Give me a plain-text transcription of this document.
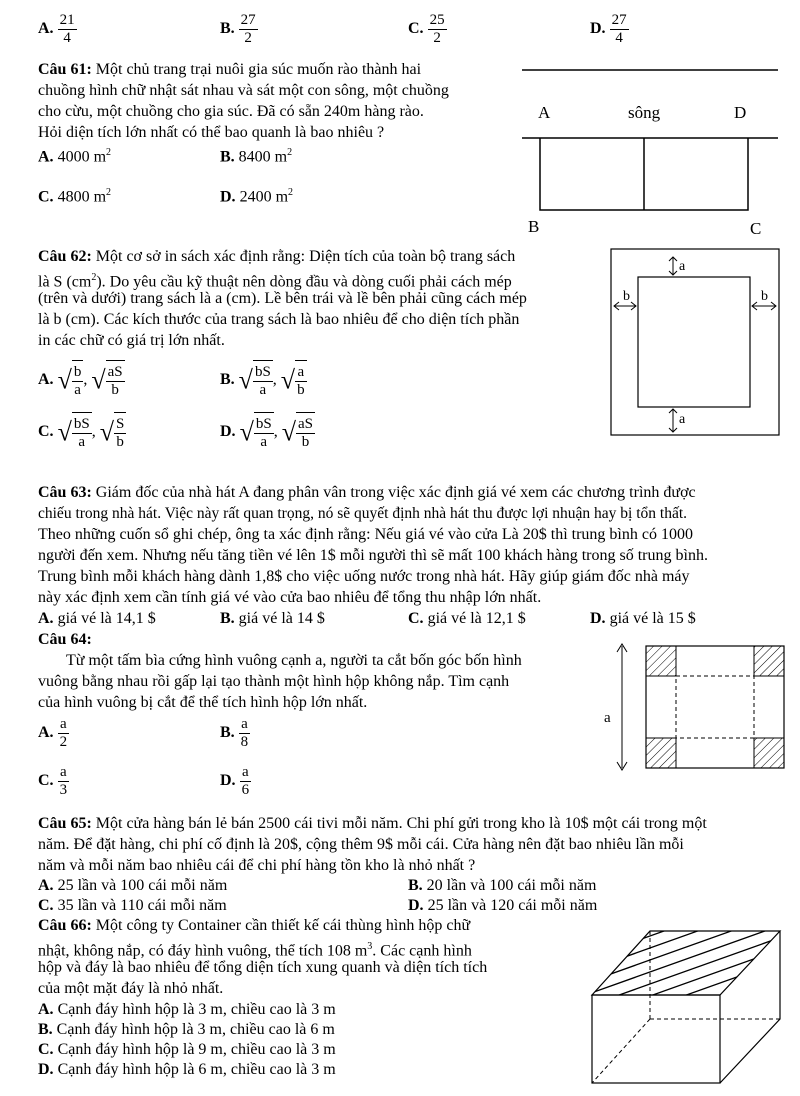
A. $\frac{21}{4}$	B. $\frac{27}{2}$	C. $\frac{25}{2}$	D. $\frac{27}{4}$
Câu 61: Một chủ trang trại nuôi gia súc muốn rào thành hai
chuồng hình chữ nhật sát nhau và sát một con sông, một chuồng
cho cừu, một chuồng cho gia súc. Đã có sẵn 240m hàng rào.
Hỏi diện tích lớn nhất có thể bao quanh là bao nhiêu ?
A. 4000 $m^2$	B. 8400 $m^2$
C. 4800 $m^2$	D. 2400 $m^2$
A	sông	D
B	C
Câu 62: Một cơ sở in sách xác định rằng: Diện tích của toàn bộ trang sách
là S $(cm^2)$. Do yêu cầu kỹ thuật nên dòng đầu và dòng cuối phải cách mép
(trên và dưới) trang sách là a (cm). Lề bên trái và lề bên phải cũng cách mép
là b (cm). Các kích thước của trang sách là bao nhiêu để cho diện tích phần
in các chữ có giá trị lớn nhất.
A. √ $\frac{b}{a}$ , √ $\frac{aS}{b}$	B. √ $\frac{bS}{a}$ , √ $\frac{a}{b}$
C. √ $\frac{bS}{a}$ , √ $\frac{S}{b}$	D. √ $\frac{bS}{a}$ , √ $\frac{aS}{b}$
a
a
b	b
Câu 63: Giám đốc của nhà hát A đang phân vân trong việc xác định giá vé xem các chương trình được
chiếu trong nhà hát. Việc này rất quan trọng, nó sẽ quyết định nhà hát thu được lợi nhuận hay bị tổn thất.
Theo những cuốn sổ ghi chép, ông ta xác định rằng: Nếu giá vé vào cửa Là 20$ thì trung bình có 1000
người đến xem. Nhưng nếu tăng tiền vé lên 1$ mỗi người thì sẽ mất 100 khách hàng trong số trung bình.
Trung bình mỗi khách hàng dành 1,8$ cho việc uống nước trong nhà hát. Hãy giúp giám đốc nhà máy
này xác định xem cần tính giá vé vào cửa bao nhiêu để tổng thu nhập lớn nhất.
A. giá vé là 14,1 $	B. giá vé là 14 $	C. giá vé là 12,1 $	D. giá vé là 15 $
Câu 64:
Từ một tấm bìa cứng hình vuông cạnh a, người ta cắt bốn góc bốn hình
vuông bằng nhau rồi gấp lại tạo thành một hình hộp không nắp. Tìm cạnh
của hình vuông bị cắt để thể tích hình hộp lớn nhất.
A. $\frac{a}{2}$	B. $\frac{a}{8}$
C. $\frac{a}{3}$	D. $\frac{a}{6}$
a
Câu 65: Một cửa hàng bán lẻ bán 2500 cái tivi mỗi năm. Chi phí gửi trong kho là 10$ một cái trong một
năm. Để đặt hàng, chi phí cố định là 20$, cộng thêm 9$ mỗi cái. Cửa hàng nên đặt bao nhiêu lần mỗi
năm và mỗi năm bao nhiêu cái để chi phí hàng tồn kho là nhỏ nhất ?
A. 25 lần và 100 cái mỗi năm	B. 20 lần và 100 cái mỗi năm
C. 35 lần và 110 cái mỗi năm	D. 25 lần và 120 cái mỗi năm
Câu 66: Một công ty Container cần thiết kế cái thùng hình hộp chữ
nhật, không nắp, có đáy hình vuông, thể tích 108 $m^3$. Các cạnh hình
hộp và đáy là bao nhiêu để tổng diện tích xung quanh và diện tích tích
của một mặt đáy là nhỏ nhất.
A. Cạnh đáy hình hộp là 3 m, chiều cao là 3 m
B. Cạnh đáy hình hộp là 3 m, chiều cao là 6 m
C. Cạnh đáy hình hộp là 9 m, chiều cao là 3 m
D. Cạnh đáy hình hộp là 6 m, chiều cao là 3 m
